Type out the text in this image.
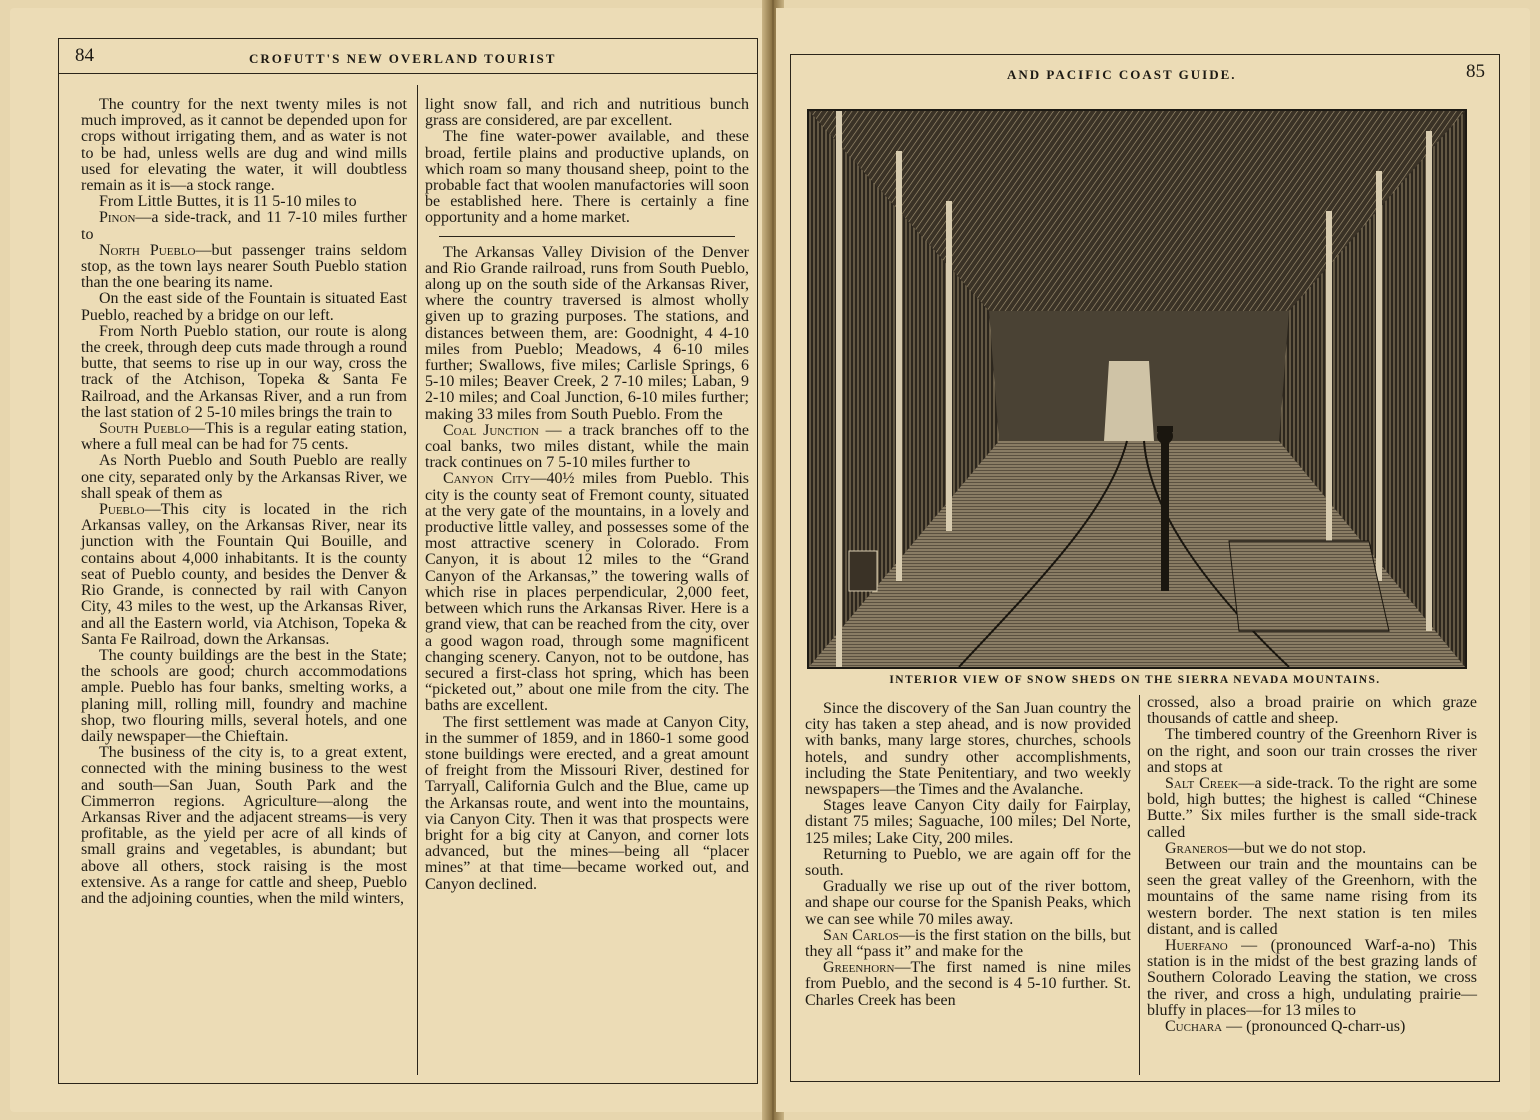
84	CROFUTT'S NEW OVERLAND TOURIST

The country for the next twenty miles is not much improved, as it cannot be depended upon for crops without irrigating them, and as water is not to be had, unless wells are dug and wind mills used for elevating the water, it will doubtless remain as it is—a stock range.

From Little Buttes, it is 11 5-10 miles to

Pinon—a side-track, and 11 7-10 miles further to

North Pueblo—but passenger trains seldom stop, as the town lays nearer South Pueblo station than the one bearing its name.

On the east side of the Fountain is situated East Pueblo, reached by a bridge on our left.

From North Pueblo station, our route is along the creek, through deep cuts made through a round butte, that seems to rise up in our way, cross the track of the Atchison, Topeka & Santa Fe Railroad, and the Arkansas River, and a run from the last station of 2 5-10 miles brings the train to

South Pueblo—This is a regular eating station, where a full meal can be had for 75 cents.

As North Pueblo and South Pueblo are really one city, separated only by the Arkansas River, we shall speak of them as

Pueblo—This city is located in the rich Arkansas valley, on the Arkansas River, near its junction with the Fountain Qui Bouille, and contains about 4,000 inhabitants. It is the county seat of Pueblo county, and besides the Denver & Rio Grande, is connected by rail with Canyon City, 43 miles to the west, up the Arkansas River, and all the Eastern world, via Atchison, Topeka & Santa Fe Railroad, down the Arkansas.

The county buildings are the best in the State; the schools are good; church accommodations ample. Pueblo has four banks, smelting works, a planing mill, rolling mill, foundry and machine shop, two flouring mills, several hotels, and one daily newspaper—the Chieftain.

The business of the city is, to a great extent, connected with the mining business to the west and south—San Juan, South Park and the Cimmerron regions. Agriculture—along the Arkansas River and the adjacent streams—is very profitable, as the yield per acre of all kinds of small grains and vegetables, is abundant; but above all others, stock raising is the most extensive. As a range for cattle and sheep, Pueblo and the adjoining counties, when the mild winters,

light snow fall, and rich and nutritious bunch grass are considered, are par excellent.

The fine water-power available, and these broad, fertile plains and productive uplands, on which roam so many thousand sheep, point to the probable fact that woolen manufactories will soon be established here. There is certainly a fine opportunity and a home market.

The Arkansas Valley Division of the Denver and Rio Grande railroad, runs from South Pueblo, along up on the south side of the Arkansas River, where the country traversed is almost wholly given up to grazing purposes. The stations, and distances between them, are: Goodnight, 4 4-10 miles from Pueblo; Meadows, 4 6-10 miles further; Swallows, five miles; Carlisle Springs, 6 5-10 miles; Beaver Creek, 2 7-10 miles; Laban, 9 2-10 miles; and Coal Junction, 6-10 miles further; making 33 miles from South Pueblo. From the

Coal Junction — a track branches off to the coal banks, two miles distant, while the main track continues on 7 5-10 miles further to

Canyon City—40½ miles from Pueblo. This city is the county seat of Fremont county, situated at the very gate of the mountains, in a lovely and productive little valley, and possesses some of the most attractive scenery in Colorado. From Canyon, it is about 12 miles to the “Grand Canyon of the Arkansas,” the towering walls of which rise in places perpendicular, 2,000 feet, between which runs the Arkansas River. Here is a grand view, that can be reached from the city, over a good wagon road, through some magnificent changing scenery. Canyon, not to be outdone, has secured a first-class hot spring, which has been “picketed out,” about one mile from the city. The baths are excellent.

The first settlement was made at Canyon City, in the summer of 1859, and in 1860-1 some good stone buildings were erected, and a great amount of freight from the Missouri River, destined for Tarryall, California Gulch and the Blue, came up the Arkansas route, and went into the mountains, via Canyon City. Then it was that prospects were bright for a big city at Canyon, and corner lots advanced, but the mines—being all “placer mines” at that time—became worked out, and Canyon declined.

AND PACIFIC COAST GUIDE.	85
INTERIOR VIEW OF SNOW SHEDS ON THE SIERRA NEVADA MOUNTAINS.

Since the discovery of the San Juan country the city has taken a step ahead, and is now provided with banks, many large stores, churches, schools hotels, and sundry other accomplishments, including the State Penitentiary, and two weekly newspapers—the Times and the Avalanche.

Stages leave Canyon City daily for Fairplay, distant 75 miles; Saguache, 100 miles; Del Norte, 125 miles; Lake City, 200 miles.

Returning to Pueblo, we are again off for the south.

Gradually we rise up out of the river bottom, and shape our course for the Spanish Peaks, which we can see while 70 miles away.

San Carlos—is the first station on the bills, but they all “pass it” and make for the

Greenhorn—The first named is nine miles from Pueblo, and the second is 4 5-10 further. St. Charles Creek has been

crossed, also a broad prairie on which graze thousands of cattle and sheep.

The timbered country of the Greenhorn River is on the right, and soon our train crosses the river and stops at

Salt Creek—a side-track. To the right are some bold, high buttes; the highest is called “Chinese Butte.” Six miles further is the small side-track called

Graneros—but we do not stop.

Between our train and the mountains can be seen the great valley of the Greenhorn, with the mountains of the same name rising from its western border. The next station is ten miles distant, and is called

Huerfano — (pronounced Warf-a-no) This station is in the midst of the best grazing lands of Southern Colorado Leaving the station, we cross the river, and cross a high, undulating prairie—bluffy in places—for 13 miles to

Cuchara — (pronounced Q-charr-us)
